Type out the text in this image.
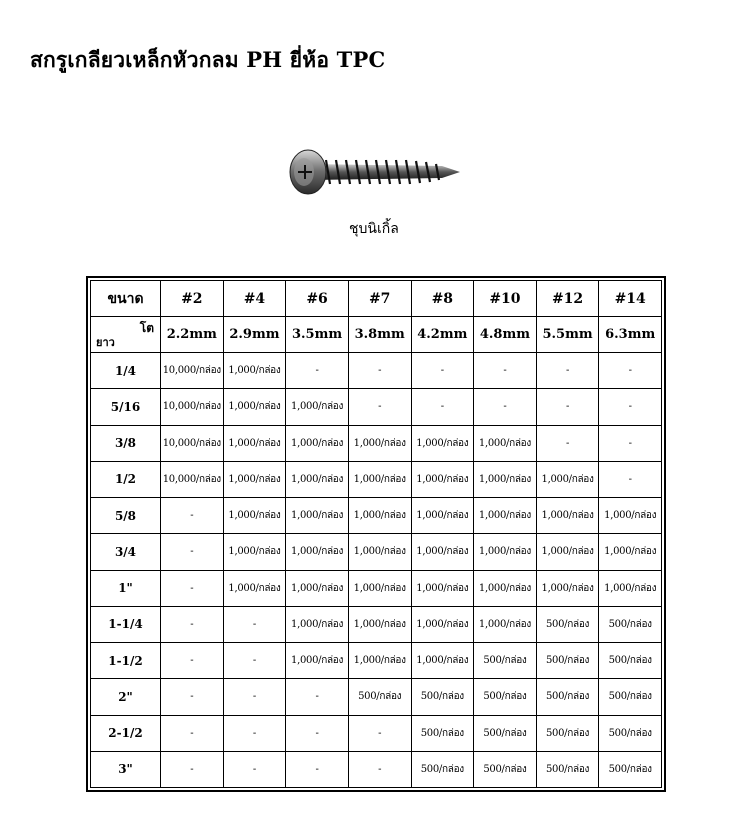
สกรูเกลียวเหล็กหัวกลม PH ยี่ห้อ TPC
ชุบนิเกิ้ล
ขนาด	#2	#4	#6	#7	#8	#10	#12	#14

โต
ยาว	2.2mm	2.9mm	3.5mm	3.8mm	4.2mm	4.8mm	5.5mm	6.3mm
1/4	10,000/กล่อง	1,000/กล่อง	-	-	-	-	-	-
5/16	10,000/กล่อง	1,000/กล่อง	1,000/กล่อง	-	-	-	-	-
3/8	10,000/กล่อง	1,000/กล่อง	1,000/กล่อง	1,000/กล่อง	1,000/กล่อง	1,000/กล่อง	-	-
1/2	10,000/กล่อง	1,000/กล่อง	1,000/กล่อง	1,000/กล่อง	1,000/กล่อง	1,000/กล่อง	1,000/กล่อง	-
5/8	-	1,000/กล่อง	1,000/กล่อง	1,000/กล่อง	1,000/กล่อง	1,000/กล่อง	1,000/กล่อง	1,000/กล่อง
3/4	-	1,000/กล่อง	1,000/กล่อง	1,000/กล่อง	1,000/กล่อง	1,000/กล่อง	1,000/กล่อง	1,000/กล่อง
1"	-	1,000/กล่อง	1,000/กล่อง	1,000/กล่อง	1,000/กล่อง	1,000/กล่อง	1,000/กล่อง	1,000/กล่อง
1-1/4	-	-	1,000/กล่อง	1,000/กล่อง	1,000/กล่อง	1,000/กล่อง	500/กล่อง	500/กล่อง
1-1/2	-	-	1,000/กล่อง	1,000/กล่อง	1,000/กล่อง	500/กล่อง	500/กล่อง	500/กล่อง
2"	-	-	-	500/กล่อง	500/กล่อง	500/กล่อง	500/กล่อง	500/กล่อง
2-1/2	-	-	-	-	500/กล่อง	500/กล่อง	500/กล่อง	500/กล่อง
3"	-	-	-	-	500/กล่อง	500/กล่อง	500/กล่อง	500/กล่อง
